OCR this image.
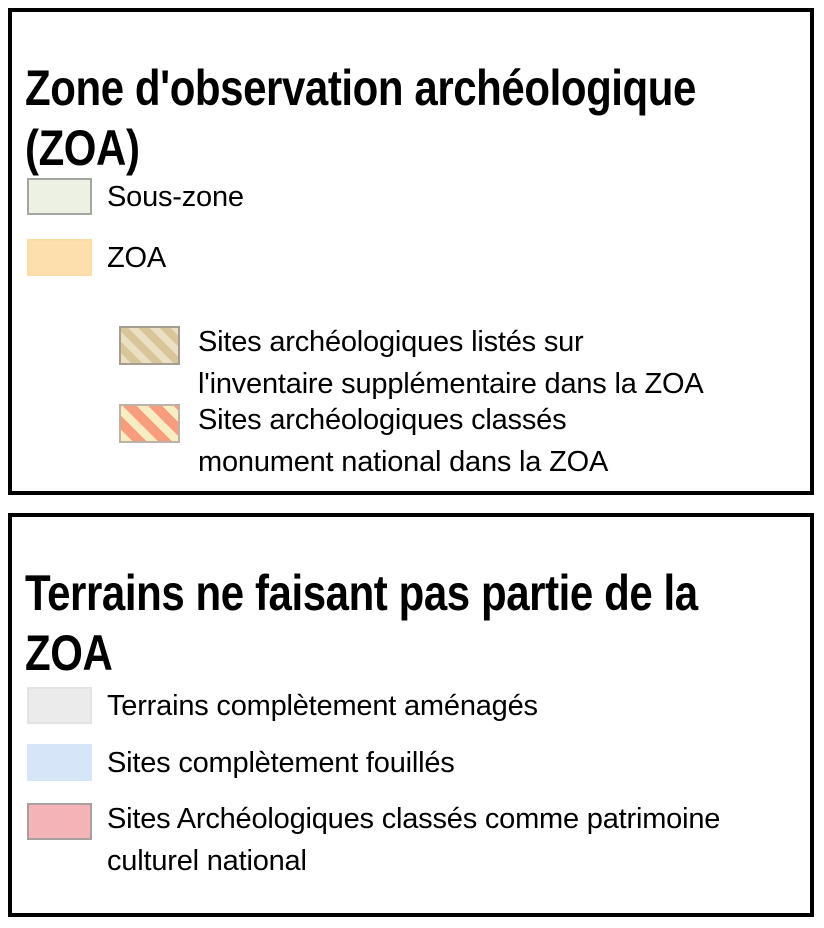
Zone d'observation archéologique
(ZOA)
Sous-zone
ZOA
Sites archéologiques listés sur
l'inventaire supplémentaire dans la ZOA
Sites archéologiques classés
monument national dans la ZOA
Terrains ne faisant pas partie de la
ZOA
Terrains complètement aménagés
Sites complètement fouillés
Sites Archéologiques classés comme patrimoine
culturel national
